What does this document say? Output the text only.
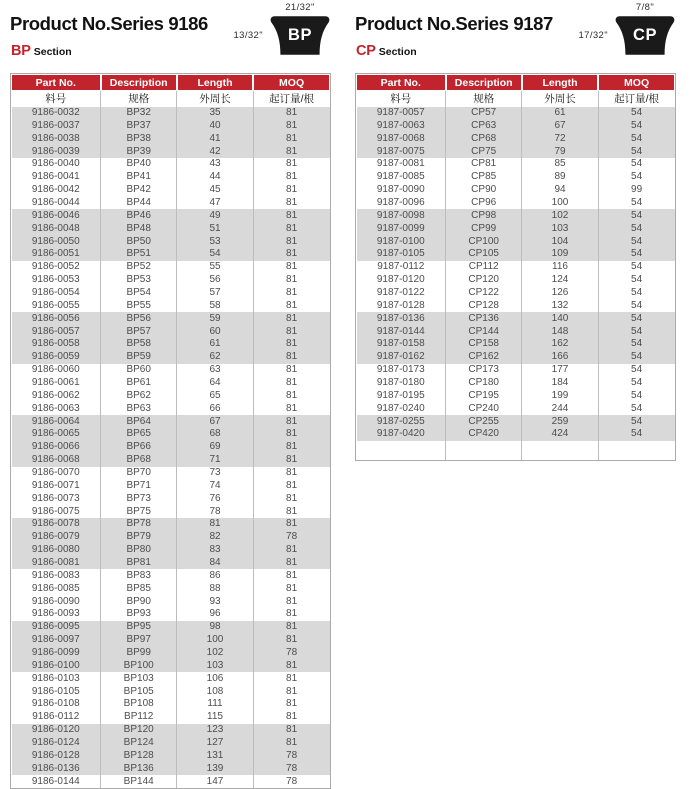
Product No.Series 9186
BP Section
21/32"
13/32" BP
Part No.	Description	Length	MOQ
料号	规格	外周长	起订量/根
9186-0032	BP32	35	81
9186-0037	BP37	40	81
9186-0038	BP38	41	81
9186-0039	BP39	42	81
9186-0040	BP40	43	81
9186-0041	BP41	44	81
9186-0042	BP42	45	81
9186-0044	BP44	47	81
9186-0046	BP46	49	81
9186-0048	BP48	51	81
9186-0050	BP50	53	81
9186-0051	BP51	54	81
9186-0052	BP52	55	81
9186-0053	BP53	56	81
9186-0054	BP54	57	81
9186-0055	BP55	58	81
9186-0056	BP56	59	81
9186-0057	BP57	60	81
9186-0058	BP58	61	81
9186-0059	BP59	62	81
9186-0060	BP60	63	81
9186-0061	BP61	64	81
9186-0062	BP62	65	81
9186-0063	BP63	66	81
9186-0064	BP64	67	81
9186-0065	BP65	68	81
9186-0066	BP66	69	81
9186-0068	BP68	71	81
9186-0070	BP70	73	81
9186-0071	BP71	74	81
9186-0073	BP73	76	81
9186-0075	BP75	78	81
9186-0078	BP78	81	81
9186-0079	BP79	82	78
9186-0080	BP80	83	81
9186-0081	BP81	84	81
9186-0083	BP83	86	81
9186-0085	BP85	88	81
9186-0090	BP90	93	81
9186-0093	BP93	96	81
9186-0095	BP95	98	81
9186-0097	BP97	100	81
9186-0099	BP99	102	78
9186-0100	BP100	103	81
9186-0103	BP103	106	81
9186-0105	BP105	108	81
9186-0108	BP108	111	81
9186-0112	BP112	115	81
9186-0120	BP120	123	81
9186-0124	BP124	127	81
9186-0128	BP128	131	78
9186-0136	BP136	139	78
9186-0144	BP144	147	78
Product No.Series 9187
CP Section
7/8"
17/32" CP
Part No.	Description	Length	MOQ
料号	规格	外周长	起订量/根
9187-0057	CP57	61	54
9187-0063	CP63	67	54
9187-0068	CP68	72	54
9187-0075	CP75	79	54
9187-0081	CP81	85	54
9187-0085	CP85	89	54
9187-0090	CP90	94	99
9187-0096	CP96	100	54
9187-0098	CP98	102	54
9187-0099	CP99	103	54
9187-0100	CP100	104	54
9187-0105	CP105	109	54
9187-0112	CP112	116	54
9187-0120	CP120	124	54
9187-0122	CP122	126	54
9187-0128	CP128	132	54
9187-0136	CP136	140	54
9187-0144	CP144	148	54
9187-0158	CP158	162	54
9187-0162	CP162	166	54
9187-0173	CP173	177	54
9187-0180	CP180	184	54
9187-0195	CP195	199	54
9187-0240	CP240	244	54
9187-0255	CP255	259	54
9187-0420	CP420	424	54
